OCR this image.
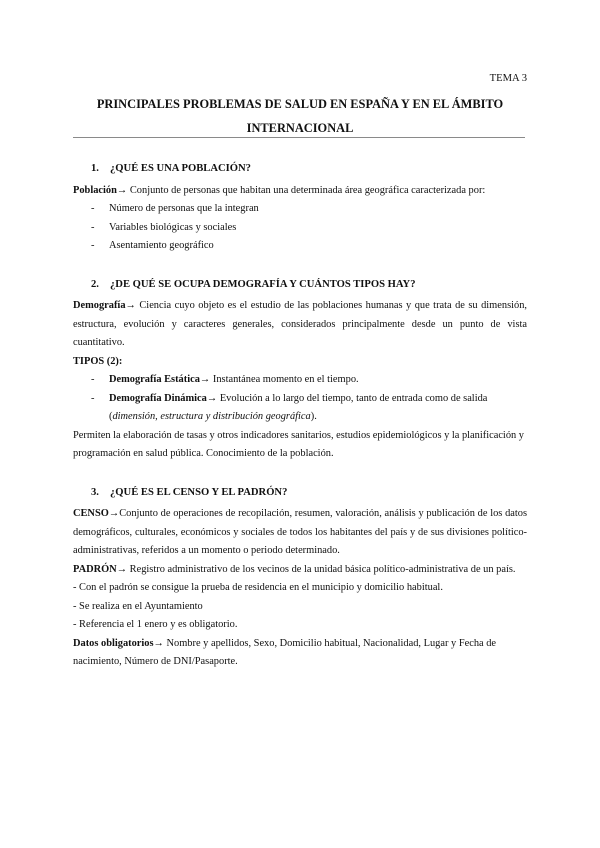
TEMA 3
PRINCIPALES PROBLEMAS DE SALUD EN ESPAÑA Y EN EL ÁMBITO
INTERNACIONAL

1. ¿QUÉ ES UNA POBLACIÓN?

Población→ Conjunto de personas que habitan una determinada área geográfica caracterizada por:

- Número de personas que la integran
- Variables biológicas y sociales
- Asentamiento geográfico

2. ¿DE QUÉ SE OCUPA DEMOGRAFÍA Y CUÁNTOS TIPOS HAY?

Demografía→ Ciencia cuyo objeto es el estudio de las poblaciones humanas y que trata de su dimensión, estructura, evolución y caracteres generales, considerados principalmente desde un punto de vista cuantitativo.

TIPOS (2):

- Demografía Estática→ Instantánea momento en el tiempo.
- Demografía Dinámica→ Evolución a lo largo del tiempo, tanto de entrada como de salida (dimensión, estructura y distribución geográfica).

Permiten la elaboración de tasas y otros indicadores sanitarios, estudios epidemiológicos y la planificación y programación en salud pública. Conocimiento de la población.

3. ¿QUÉ ES EL CENSO Y EL PADRÓN?

CENSO→Conjunto de operaciones de recopilación, resumen, valoración, análisis y publicación de los datos demográficos, culturales, económicos y sociales de todos los habitantes del país y de sus divisiones político-administrativas, referidos a un momento o periodo determinado.

PADRÓN→ Registro administrativo de los vecinos de la unidad básica político-administrativa de un país.

- Con el padrón se consigue la prueba de residencia en el municipio y domicilio habitual.

- Se realiza en el Ayuntamiento

- Referencia el 1 enero y es obligatorio.

Datos obligatorios→ Nombre y apellidos, Sexo, Domicilio habitual, Nacionalidad, Lugar y Fecha de nacimiento, Número de DNI/Pasaporte.
